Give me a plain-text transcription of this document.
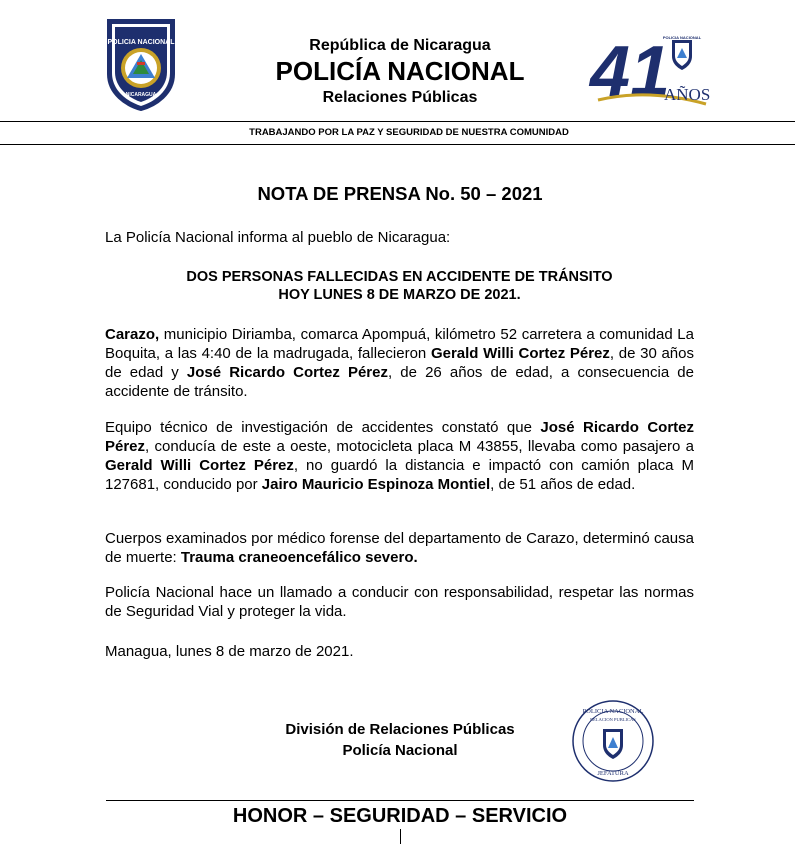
POLICIA NACIONAL
NICARAGUA
República de Nicaragua
POLICÍA NACIONAL
Relaciones Públicas	41
POLICIA NACIONAL
AÑOS
TRABAJANDO POR LA PAZ Y SEGURIDAD DE NUESTRA COMUNIDAD
NOTA DE PRENSA No. 50 – 2021
La Policía Nacional informa al pueblo de Nicaragua:
DOS PERSONAS FALLECIDAS EN ACCIDENTE DE TRÁNSITO
HOY LUNES 8 DE MARZO DE 2021.
Carazo, municipio Diriamba, comarca Apompuá, kilómetro 52 carretera a comunidad La Boquita, a las 4:40 de la madrugada, fallecieron Gerald Willi Cortez Pérez, de 30 años de edad y José Ricardo Cortez Pérez, de 26 años de edad, a consecuencia de accidente de tránsito.
Equipo técnico de investigación de accidentes constató que José Ricardo Cortez Pérez, conducía de este a oeste, motocicleta placa M 43855, llevaba como pasajero a Gerald Willi Cortez Pérez, no guardó la distancia e impactó con camión placa M 127681, conducido por Jairo Mauricio Espinoza Montiel, de 51 años de edad.
Cuerpos examinados por médico forense del departamento de Carazo, determinó causa de muerte: Trauma craneoencefálico severo.
Policía Nacional hace un llamado a conducir con responsabilidad, respetar las normas de Seguridad Vial y proteger la vida.
Managua, lunes 8 de marzo de 2021.
División de Relaciones Públicas
Policía Nacional
POLICIA NACIONAL
RELACION PUBLICAS
JEFATURA
HONOR – SEGURIDAD – SERVICIO
